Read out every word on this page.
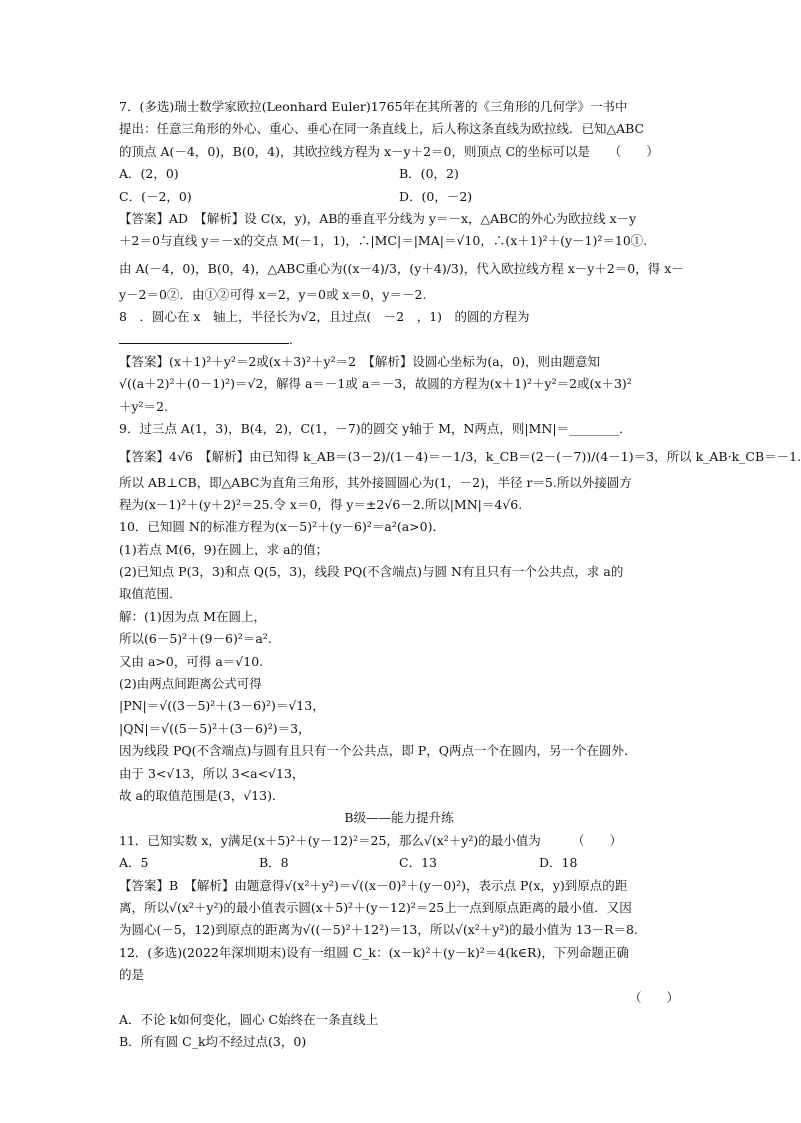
7．(多选)瑞士数学家欧拉(Leonhard Euler)1765年在其所著的《三角形的几何学》一书中
提出：任意三角形的外心、重心、垂心在同一条直线上，后人称这条直线为欧拉线．已知△ABC
的顶点 A(－4，0)，B(0，4)，其欧拉线方程为 x－y＋2＝0，则顶点 C的坐标可以是　　（　　）
A．(2，0)	B．(0，2)
C．(－2，0)	D．(0，－2)
【答案】AD　【解析】设 C(x，y)，AB的垂直平分线为 y＝－x，△ABC的外心为欧拉线 x－y
＋2＝0与直线 y＝－x的交点 M(－1，1)，∴|MC|＝|MA|＝√10，∴(x＋1)²＋(y－1)²＝10①.
由 A(－4，0)，B(0，4)，△ABC重心为((x－4)/3，(y＋4)/3)，代入欧拉线方程 x－y＋2＝0，得 x－
y－2＝0②．由①②可得 x＝2，y＝0或 x＝0，y＝－2.
8　．圆心在 x　轴上，半径长为√2，且过点(　－2　，1)　的圆的方程为
.
【答案】(x＋1)²＋y²＝2或(x＋3)²＋y²＝2　【解析】设圆心坐标为(a，0)，则由题意知
√((a＋2)²＋(0－1)²)＝√2，解得 a＝－1或 a＝－3，故圆的方程为(x＋1)²＋y²＝2或(x＋3)²
＋y²＝2.
9．过三点 A(1，3)，B(4，2)，C(1，－7)的圆交 y轴于 M，N两点，则|MN|＝________．
【答案】4√6　【解析】由已知得 k_AB＝(3－2)/(1－4)＝－1/3，k_CB＝(2－(－7))/(4－1)＝3，所以 k_AB·k_CB＝－1.
所以 AB⊥CB，即△ABC为直角三角形，其外接圆圆心为(1，－2)，半径 r＝5.所以外接圆方
程为(x－1)²＋(y＋2)²＝25.令 x＝0，得 y＝±2√6－2.所以|MN|＝4√6.
10．已知圆 N的标准方程为(x－5)²＋(y－6)²＝a²(a>0)．
(1)若点 M(6，9)在圆上，求 a的值；
(2)已知点 P(3，3)和点 Q(5，3)，线段 PQ(不含端点)与圆 N有且只有一个公共点，求 a的
取值范围．
解：(1)因为点 M在圆上，
所以(6－5)²＋(9－6)²＝a².
又由 a>0，可得 a＝√10.
(2)由两点间距离公式可得
|PN|＝√((3－5)²＋(3－6)²)＝√13，
|QN|＝√((5－5)²＋(3－6)²)＝3，
因为线段 PQ(不含端点)与圆有且只有一个公共点，即 P，Q两点一个在圆内，另一个在圆外．
由于 3<√13，所以 3<a<√13，
故 a的取值范围是(3，√13)．
B级——能力提升练
11．已知实数 x，y满足(x＋5)²＋(y－12)²＝25，那么√(x²＋y²)的最小值为　　　（　　）
A．5	B．8	C．13	D．18
【答案】B　【解析】由题意得√(x²＋y²)＝√((x－0)²＋(y－0)²)，表示点 P(x，y)到原点的距
离，所以√(x²＋y²)的最小值表示圆(x＋5)²＋(y－12)²＝25上一点到原点距离的最小值．又因
为圆心(－5，12)到原点的距离为√((－5)²＋12²)＝13，所以√(x²＋y²)的最小值为 13－R＝8.
12．(多选)(2022年深圳期末)设有一组圆 C_k：(x－k)²＋(y－k)²＝4(k∈R)，下列命题正确
的是
（　　）
A．不论 k如何变化，圆心 C始终在一条直线上
B．所有圆 C_k均不经过点(3，0)
